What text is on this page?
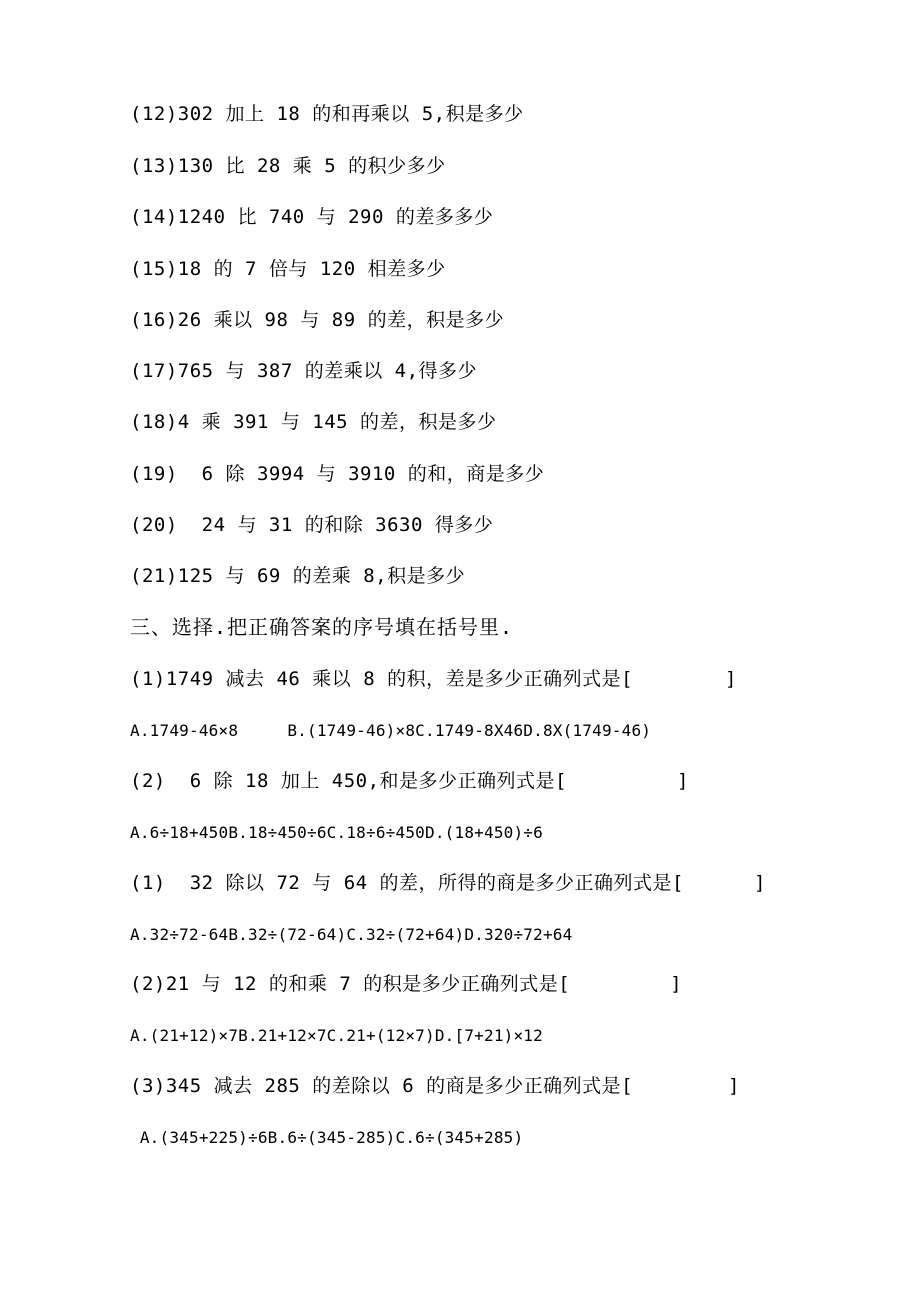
(12)302 加上 18 的和再乘以 5,积是多少
(13)130 比 28 乘 5 的积少多少
(14)1240 比 740 与 290 的差多多少
(15)18 的 7 倍与 120 相差多少
(16)26 乘以 98 与 89 的差，积是多少
(17)765 与 387 的差乘以 4,得多少
(18)4 乘 391 与 145 的差，积是多少
(19)  6 除 3994 与 3910 的和，商是多少
(20)  24 与 31 的和除 3630 得多少
(21)125 与 69 的差乘 8,积是多少
三、选择.把正确答案的序号填在括号里.
(1)1749 减去 46 乘以 8 的积，差是多少正确列式是[	]
A.1749-46×8     B.(1749-46)×8C.1749-8X46D.8X(1749-46)
(2)  6 除 18 加上 450,和是多少正确列式是[	]
A.6÷18+450B.18÷450÷6C.18÷6÷450D.(18+450)÷6
(1)  32 除以 72 与 64 的差，所得的商是多少正确列式是[	]
A.32÷72-64B.32÷(72-64)C.32÷(72+64)D.320÷72+64
(2)21 与 12 的和乘 7 的积是多少正确列式是[	]
A.(21+12)×7B.21+12×7C.21+(12×7)D.[7+21)×12
(3)345 减去 285 的差除以 6 的商是多少正确列式是[	]
A.(345+225)÷6B.6÷(345-285)C.6÷(345+285)
